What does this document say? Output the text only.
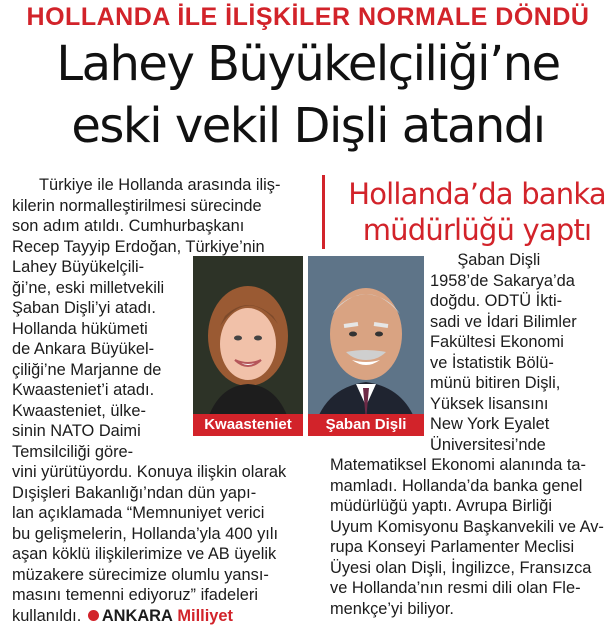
HOLLANDA İLE İLİŞKİLER NORMALE DÖNDÜ
Lahey Büyükelçiliği’ne
eski vekil Dişli atandı
Türkiye ile Hollanda arasında iliş-
kilerin normalleştirilmesi sürecinde
son adım atıldı. Cumhurbaşkanı
Recep Tayyip Erdoğan, Türkiye’nin
Lahey Büyükelçili-
ği’ne, eski milletvekili
Şaban Dişli’yi atadı.
Hollanda hükümeti
de Ankara Büyükel-
çiliği’ne Marjanne de
Kwaasteniet’i atadı.
Kwaasteniet, ülke-
sinin NATO Daimi
Temsilciliği göre-
vini yürütüyordu. Konuya ilişkin olarak
Dışişleri Bakanlığı’ndan dün yapı-
lan açıklamada “Memnuniyet verici
bu gelişmelerin, Hollanda’yla 400 yılı
aşan köklü ilişkilerimize ve AB üyelik
müzakere sürecimize olumlu yansı-
masını temenni ediyoruz” ifadeleri
kullanıldı. ANKARA Milliyet
Hollanda’da banka
müdürlüğü yaptı
Kwaasteniet	Şaban Dişli
Şaban Dişli
1958’de Sakarya’da
doğdu. ODTÜ İkti-
sadi ve İdari Bilimler
Fakültesi Ekonomi
ve İstatistik Bölü-
münü bitiren Dişli,
Yüksek lisansını
New York Eyalet
Üniversitesi’nde
Matematiksel Ekonomi alanında ta-
mamladı. Hollanda’da banka genel
müdürlüğü yaptı. Avrupa Birliği
Uyum Komisyonu Başkanvekili ve Av-
rupa Konseyi Parlamenter Meclisi
Üyesi olan Dişli, İngilizce, Fransızca
ve Hollanda’nın resmi dili olan Fle-
menkçe’yi biliyor.
